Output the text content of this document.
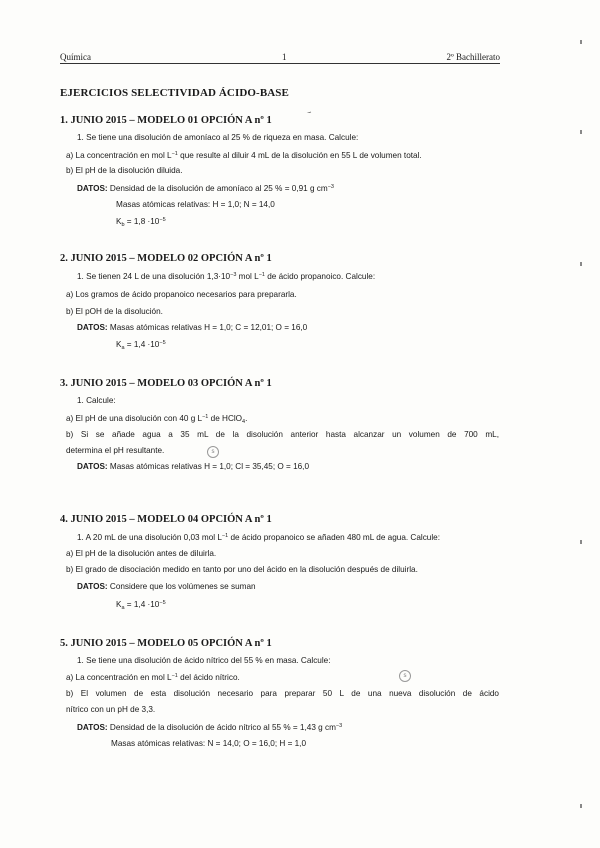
Química	1	2º Bachillerato
EJERCICIOS SELECTIVIDAD ÁCIDO-BASE
1. JUNIO 2015 – MODELO 01 OPCIÓN A nº 1
1. Se tiene una disolución de amoníaco al 25 % de riqueza en masa. Calcule:
a) La concentración en mol $L^{-1}$ que resulte al diluir 4 mL de la disolución en 55 L de volumen total.
b) El pH de la disolución diluida.
DATOS: Densidad de la disolución de amoníaco al 25 % = 0,91 g $cm^{-3}$
Masas atómicas relativas: H = 1,0; N = 14,0
$K_b = 1,8 \cdot 10^{-5}$
2. JUNIO 2015 – MODELO 02 OPCIÓN A nº 1
1. Se tienen 24 L de una disolución $1,3\cdot 10^{-3}$ mol $L^{-1}$ de ácido propanoico. Calcule:
a) Los gramos de ácido propanoico necesarios para prepararla.
b) El pOH de la disolución.
DATOS: Masas atómicas relativas H = 1,0; C = 12,01; O = 16,0
$K_a = 1,4 \cdot 10^{-5}$
3. JUNIO 2015 – MODELO 03 OPCIÓN A nº 1
1. Calcule:
a) El pH de una disolución con 40 g $L^{-1}$ de HClO$_4$.
b) Si se añade agua a 35 mL de la disolución anterior hasta alcanzar un volumen de 700 mL,
determina el pH resultante.	s
DATOS: Masas atómicas relativas H = 1,0; Cl = 35,45; O = 16,0
4. JUNIO 2015 – MODELO 04 OPCIÓN A nº 1
1. A 20 mL de una disolución 0,03 mol $L^{-1}$ de ácido propanoico se añaden 480 mL de agua. Calcule:
a) El pH de la disolución antes de diluirla.
b) El grado de disociación medido en tanto por uno del ácido en la disolución después de diluirla.
DATOS: Considere que los volúmenes se suman
$K_a = 1,4 \cdot 10^{-5}$
5. JUNIO 2015 – MODELO 05 OPCIÓN A nº 1
1. Se tiene una disolución de ácido nítrico del 55 % en masa. Calcule:
a) La concentración en mol $L^{-1}$ del ácido nítrico.	s
b) El volumen de esta disolución necesario para preparar 50 L de una nueva disolución de ácido
nítrico con un pH de 3,3.
DATOS: Densidad de la disolución de ácido nítrico al 55 % = 1,43 g $cm^{-3}$
Masas atómicas relativas: N = 14,0; O = 16,0; H = 1,0
